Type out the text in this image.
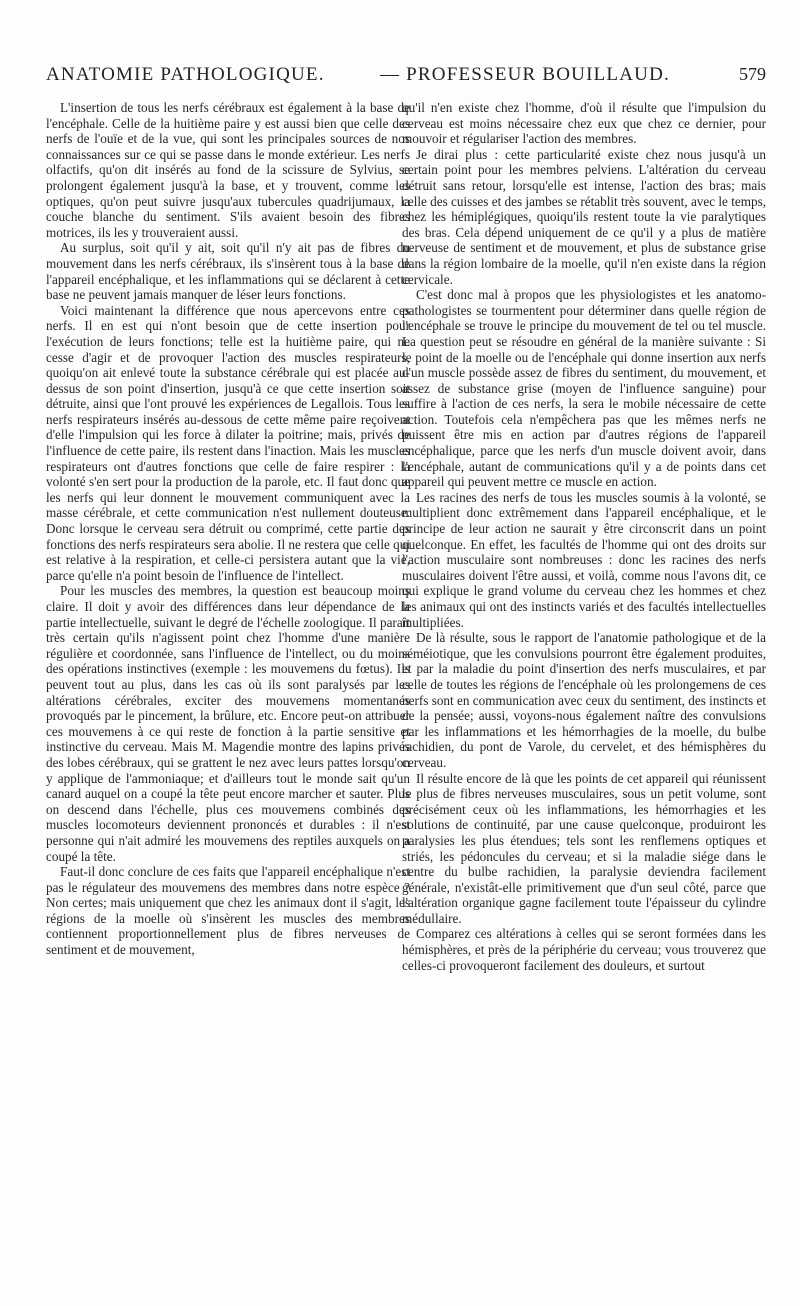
ANATOMIE PATHOLOGIQUE.	— PROFESSEUR BOUILLAUD.	579

L'insertion de tous les nerfs cérébraux est également à la base de l'encéphale. Celle de la huitième paire y est aussi bien que celle des nerfs de l'ouïe et de la vue, qui sont les principales sources de nos connaissances sur ce qui se passe dans le monde extérieur. Les nerfs olfactifs, qu'on dit insérés au fond de la scissure de Sylvius, se prolongent également jusqu'à la base, et y trouvent, comme les optiques, qu'on peut suivre jusqu'aux tubercules quadrijumaux, la couche blanche du sentiment. S'ils avaient besoin des fibres motrices, ils les y trouveraient aussi.

Au surplus, soit qu'il y ait, soit qu'il n'y ait pas de fibres du mouvement dans les nerfs cérébraux, ils s'insèrent tous à la base de l'appareil encéphalique, et les inflammations qui se déclarent à cette base ne peuvent jamais manquer de léser leurs fonctions.

Voici maintenant la différence que nous apercevons entre ces nerfs. Il en est qui n'ont besoin que de cette insertion pour l'exécution de leurs fonctions; telle est la huitième paire, qui ne cesse d'agir et de provoquer l'action des muscles respirateurs, quoiqu'on ait enlevé toute la substance cérébrale qui est placée au-dessus de son point d'insertion, jusqu'à ce que cette insertion soit détruite, ainsi que l'ont prouvé les expériences de Legallois. Tous les nerfs respirateurs insérés au-dessous de cette même paire reçoivent d'elle l'impulsion qui les force à dilater la poitrine; mais, privés de l'influence de cette paire, ils restent dans l'inaction. Mais les muscles respirateurs ont d'autres fonctions que celle de faire respirer : la volonté s'en sert pour la production de la parole, etc. Il faut donc que les nerfs qui leur donnent le mouvement communiquent avec la masse cérébrale, et cette communication n'est nullement douteuse. Donc lorsque le cerveau sera détruit ou comprimé, cette partie des fonctions des nerfs respirateurs sera abolie. Il ne restera que celle qui est relative à la respiration, et celle-ci persistera autant que la vie, parce qu'elle n'a point besoin de l'influence de l'intellect.

Pour les muscles des membres, la question est beaucoup moins claire. Il doit y avoir des différences dans leur dépendance de la partie intellectuelle, suivant le degré de l'échelle zoologique. Il paraît très certain qu'ils n'agissent point chez l'homme d'une manière régulière et coordonnée, sans l'influence de l'intellect, ou du moins des opérations instinctives (exemple : les mouvemens du fœtus). Ils peuvent tout au plus, dans les cas où ils sont paralysés par les altérations cérébrales, exciter des mouvemens momentanés provoqués par le pincement, la brûlure, etc. Encore peut-on attribuer ces mouvemens à ce qui reste de fonction à la partie sensitive et instinctive du cerveau. Mais M. Magendie montre des lapins privés des lobes cérébraux, qui se grattent le nez avec leurs pattes lorsqu'on y applique de l'ammoniaque; et d'ailleurs tout le monde sait qu'un canard auquel on a coupé la tête peut encore marcher et sauter. Plus on descend dans l'échelle, plus ces mouvemens combinés des muscles locomoteurs deviennent prononcés et durables : il n'est personne qui n'ait admiré les mouvemens des reptiles auxquels on a coupé la tête.

Faut-il donc conclure de ces faits que l'appareil encéphalique n'est pas le régulateur des mouvemens des membres dans notre espèce ? Non certes; mais uniquement que chez les animaux dont il s'agit, les régions de la moelle où s'insèrent les muscles des membres contiennent proportionnellement plus de fibres nerveuses de sentiment et de mouvement,

qu'il n'en existe chez l'homme, d'où il résulte que l'impulsion du cerveau est moins nécessaire chez eux que chez ce dernier, pour mouvoir et régulariser l'action des membres.

Je dirai plus : cette particularité existe chez nous jusqu'à un certain point pour les membres pelviens. L'altération du cerveau détruit sans retour, lorsqu'elle est intense, l'action des bras; mais celle des cuisses et des jambes se rétablit très souvent, avec le temps, chez les hémiplégiques, quoiqu'ils restent toute la vie paralytiques des bras. Cela dépend uniquement de ce qu'il y a plus de matière nerveuse de sentiment et de mouvement, et plus de substance grise dans la région lombaire de la moelle, qu'il n'en existe dans la région cervicale.

C'est donc mal à propos que les physiologistes et les anatomo-pathologistes se tourmentent pour déterminer dans quelle région de l'encéphale se trouve le principe du mouvement de tel ou tel muscle. La question peut se résoudre en général de la manière suivante : Si le point de la moelle ou de l'encéphale qui donne insertion aux nerfs d'un muscle possède assez de fibres du sentiment, du mouvement, et assez de substance grise (moyen de l'influence sanguine) pour suffire à l'action de ces nerfs, la sera le mobile nécessaire de cette action. Toutefois cela n'empêchera pas que les mêmes nerfs ne puissent être mis en action par d'autres régions de l'appareil encéphalique, parce que les nerfs d'un muscle doivent avoir, dans l'encéphale, autant de communications qu'il y a de points dans cet appareil qui peuvent mettre ce muscle en action.

Les racines des nerfs de tous les muscles soumis à la volonté, se multiplient donc extrêmement dans l'appareil encéphalique, et le principe de leur action ne saurait y être circonscrit dans un point quelconque. En effet, les facultés de l'homme qui ont des droits sur l'action musculaire sont nombreuses : donc les racines des nerfs musculaires doivent l'être aussi, et voilà, comme nous l'avons dit, ce qui explique le grand volume du cerveau chez les hommes et chez les animaux qui ont des instincts variés et des facultés intellectuelles multipliées.

De là résulte, sous le rapport de l'anatomie pathologique et de la séméiotique, que les convulsions pourront être également produites, et par la maladie du point d'insertion des nerfs musculaires, et par celle de toutes les régions de l'encéphale où les prolongemens de ces nerfs sont en communication avec ceux du sentiment, des instincts et de la pensée; aussi, voyons-nous également naître des convulsions par les inflammations et les hémorrhagies de la moelle, du bulbe rachidien, du pont de Varole, du cervelet, et des hémisphères du cerveau.

Il résulte encore de là que les points de cet appareil qui réunissent le plus de fibres nerveuses musculaires, sous un petit volume, sont précisément ceux où les inflammations, les hémorrhagies et les solutions de continuité, par une cause quelconque, produiront les paralysies les plus étendues; tels sont les renflemens optiques et striés, les pédoncules du cerveau; et si la maladie siége dans le centre du bulbe rachidien, la paralysie deviendra facilement générale, n'existât-elle primitivement que d'un seul côté, parce que l'altération organique gagne facilement toute l'épaisseur du cylindre médullaire.

Comparez ces altérations à celles qui se seront formées dans les hémisphères, et près de la périphérie du cerveau; vous trouverez que celles-ci provoqueront facilement des douleurs, et surtout
